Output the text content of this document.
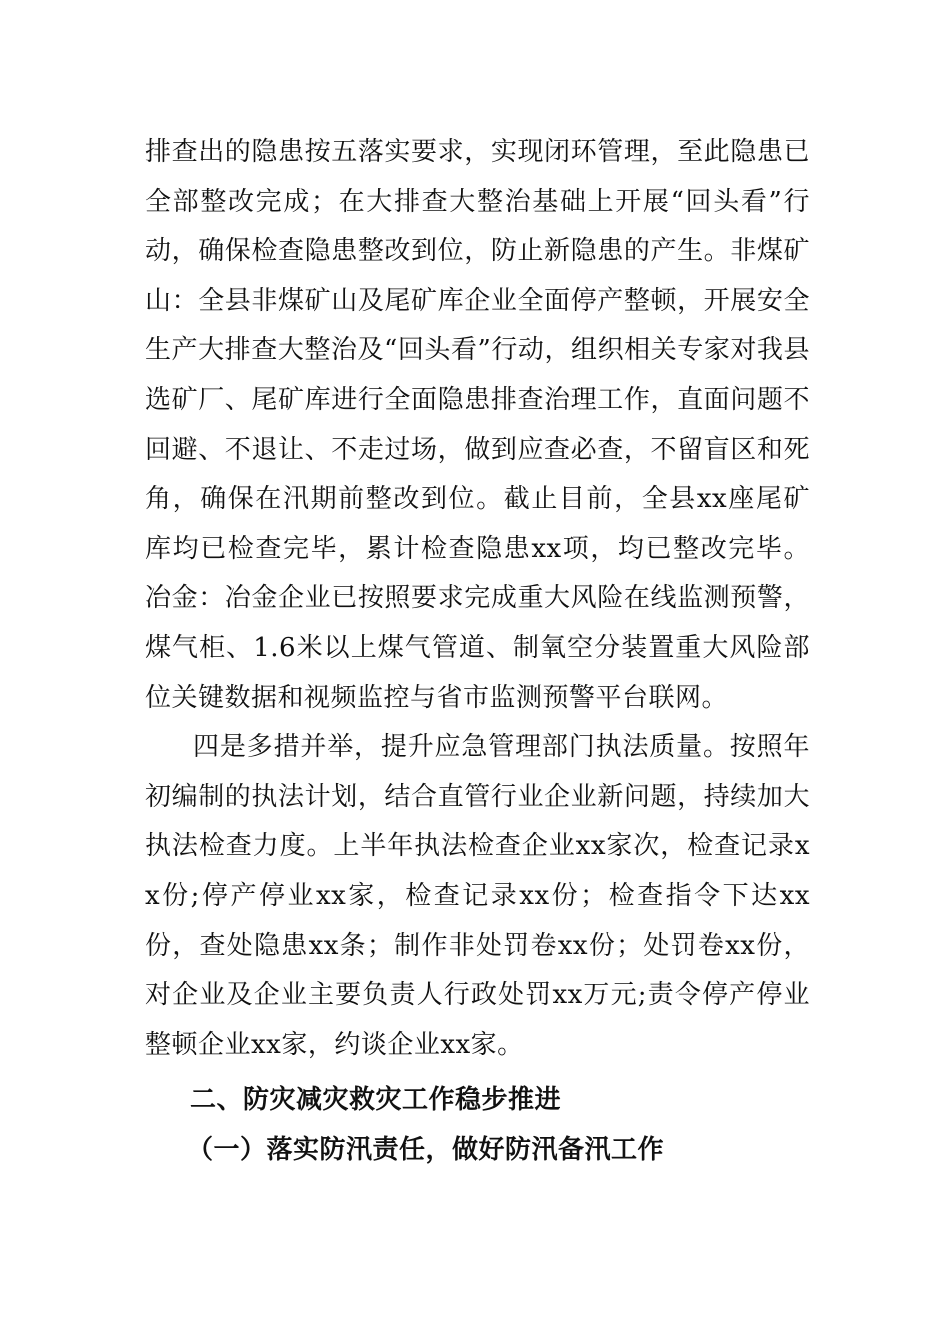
排查出的隐患按五落实要求，实现闭环管理，至此隐患已全部整改完成；在大排查大整治基础上开展“回头看”行动，确保检查隐患整改到位，防止新隐患的产生。非煤矿山：全县非煤矿山及尾矿库企业全面停产整顿，开展安全生产大排查大整治及“回头看”行动，组织相关专家对我县选矿厂、尾矿库进行全面隐患排查治理工作，直面问题不回避、不退让、不走过场，做到应查必查，不留盲区和死角，确保在汛期前整改到位。截止目前，全县xx座尾矿库均已检查完毕，累计检查隐患xx项，均已整改完毕。冶金：冶金企业已按照要求完成重大风险在线监测预警，煤气柜、1.6米以上煤气管道、制氧空分装置重大风险部位关键数据和视频监控与省市监测预警平台联网。

四是多措并举，提升应急管理部门执法质量。按照年初编制的执法计划，结合直管行业企业新问题，持续加大执法检查力度。上半年执法检查企业xx家次，检查记录xx份;停产停业xx家，检查记录xx份；检查指令下达xx份，查处隐患xx条；制作非处罚卷xx份；处罚卷xx份，对企业及企业主要负责人行政处罚xx万元;责令停产停业整顿企业xx家，约谈企业xx家。

二、防灾减灾救灾工作稳步推进

（一）落实防汛责任，做好防汛备汛工作
